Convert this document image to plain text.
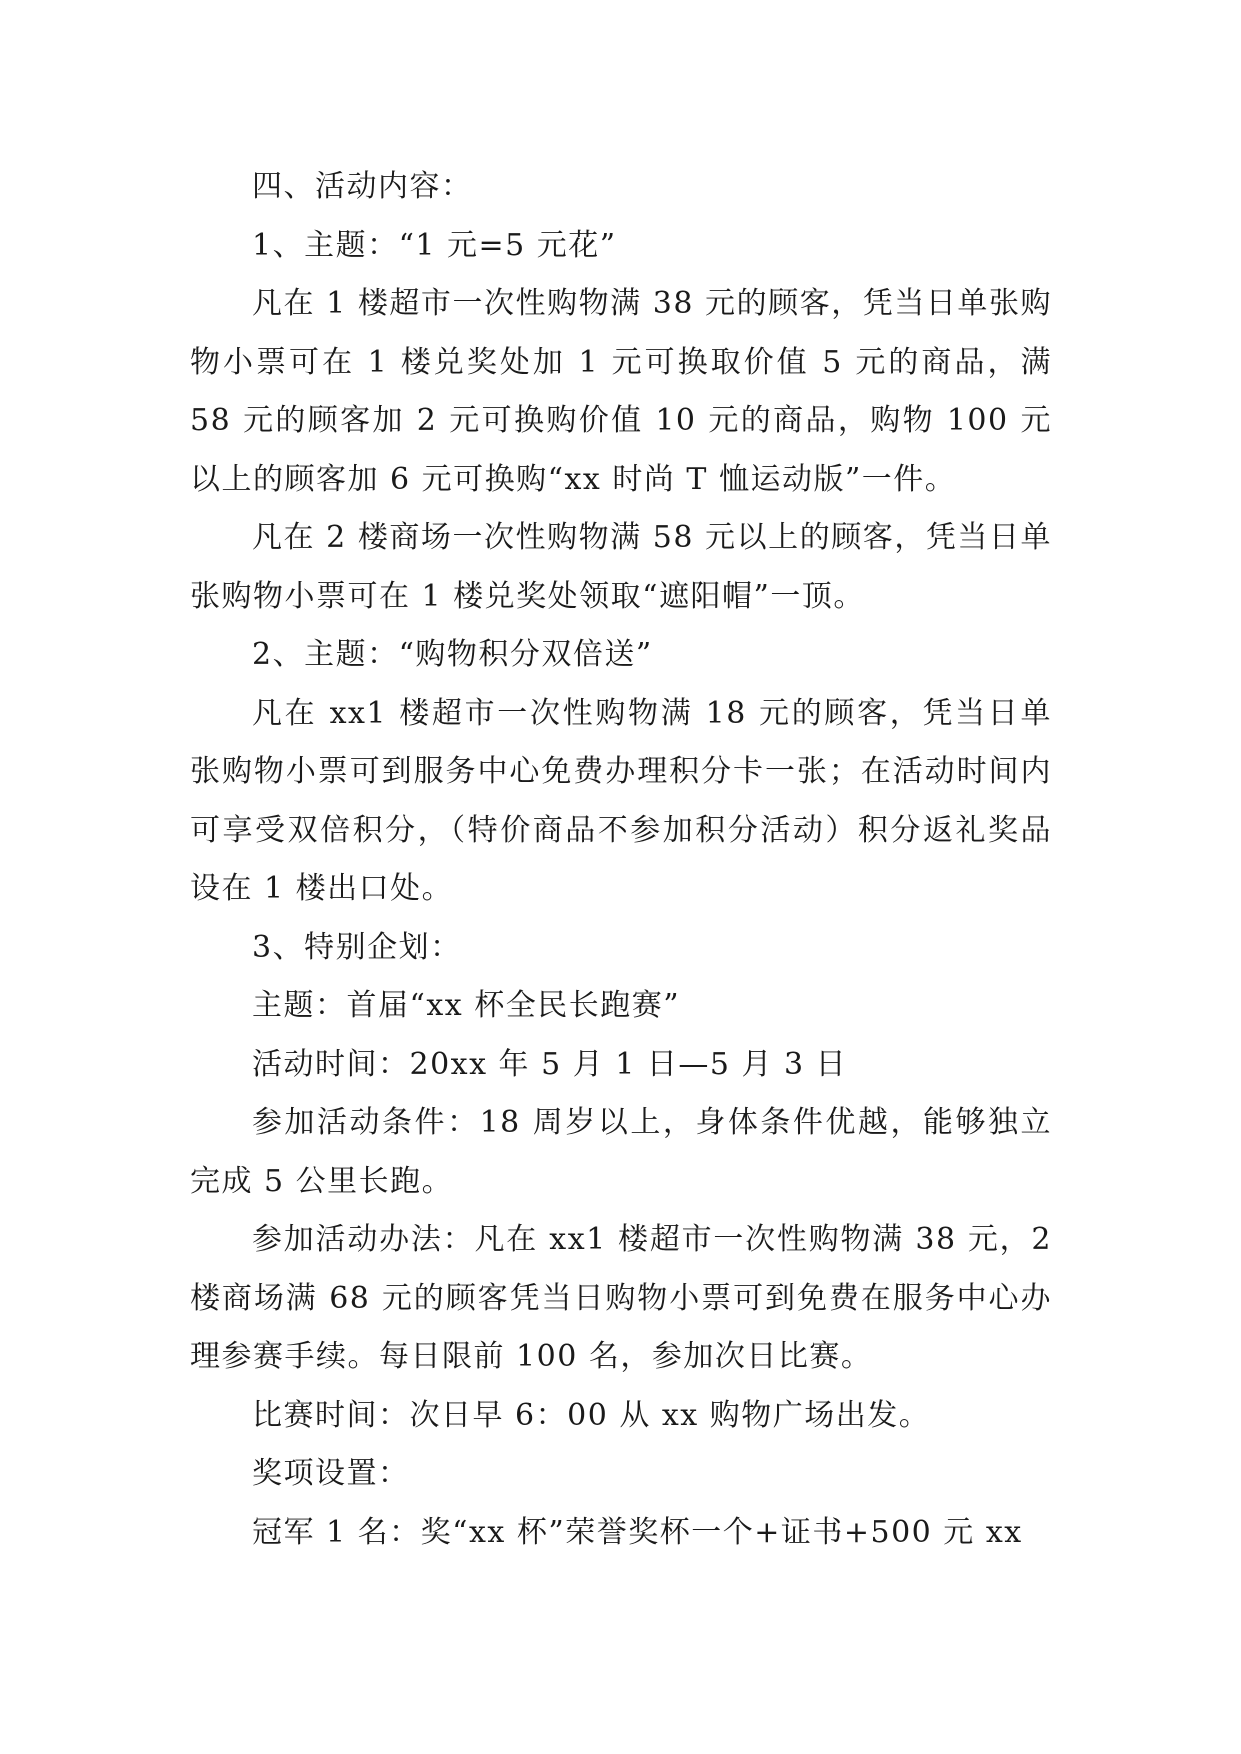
四、活动内容：

1、主题：“1 元=5 元花”

凡在 1 楼超市一次性购物满 38 元的顾客，凭当日单张购物小票可在 1 楼兑奖处加 1 元可换取价值 5 元的商品，满 58 元的顾客加 2 元可换购价值 10 元的商品，购物 100 元以上的顾客加 6 元可换购“xx 时尚 T 恤运动版”一件。

凡在 2 楼商场一次性购物满 58 元以上的顾客，凭当日单张购物小票可在 1 楼兑奖处领取“遮阳帽”一顶。

2、主题：“购物积分双倍送”

凡在 xx1 楼超市一次性购物满 18 元的顾客，凭当日单张购物小票可到服务中心免费办理积分卡一张；在活动时间内可享受双倍积分，（特价商品不参加积分活动）积分返礼奖品设在 1 楼出口处。

3、特别企划：

主题：首届“xx 杯全民长跑赛”

活动时间：20xx 年 5 月 1 日—5 月 3 日

参加活动条件：18 周岁以上，身体条件优越，能够独立完成 5 公里长跑。

参加活动办法：凡在 xx1 楼超市一次性购物满 38 元，2 楼商场满 68 元的顾客凭当日购物小票可到免费在服务中心办理参赛手续。每日限前 100 名，参加次日比赛。

比赛时间：次日早 6：00 从 xx 购物广场出发。

奖项设置：

冠军 1 名：奖“xx 杯”荣誉奖杯一个+证书+500 元 xx
